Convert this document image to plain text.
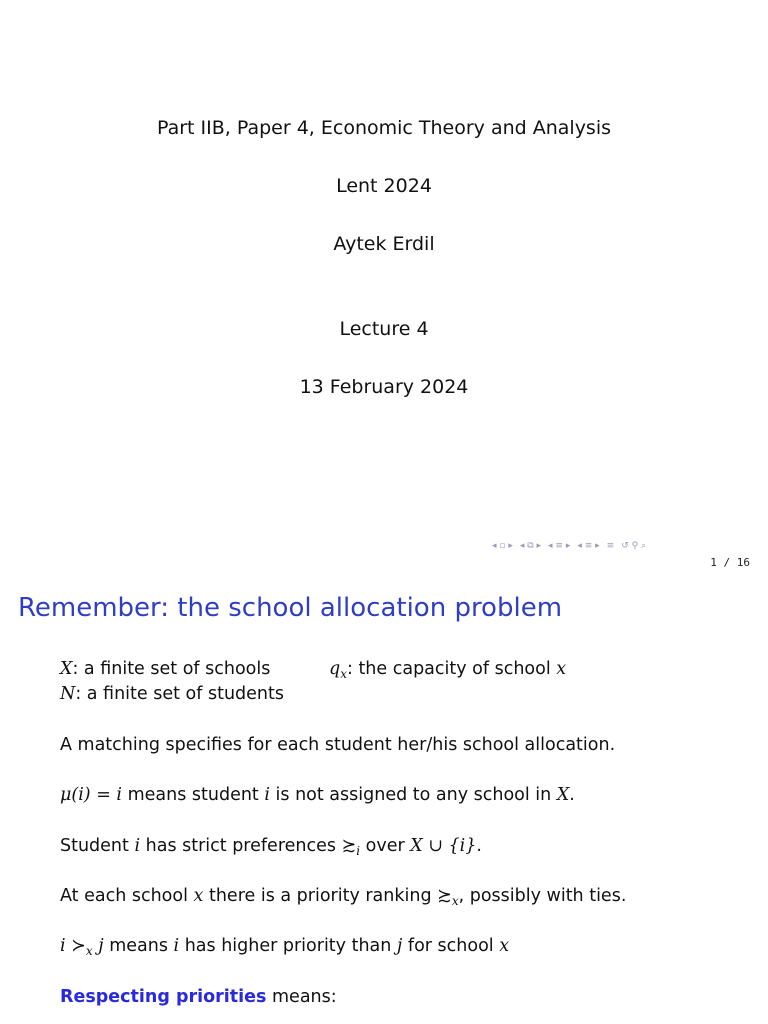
Part IIB, Paper 4, Economic Theory and Analysis
Lent 2024
Aytek Erdil
Lecture 4
13 February 2024
◂ ▫ ▸ ◂ ⧉ ▸ ◂ ≡ ▸ ◂ ≡ ▸ ≡ ↺ ⚲ ⌕
1 / 16
Remember: the school allocation problem
X: a finite set of schools	$q_x$: the capacity of school x
N: a finite set of students
A matching specifies for each student her/his school allocation.
μ(i) = i means student i is not assigned to any school in X.
Student i has strict preferences $≿_i$ over X ∪ {i}.
At each school x there is a priority ranking $≿_x$, possibly with ties.
i $≻_x$ j means i has higher priority than j for school x
Respecting priorities means:
